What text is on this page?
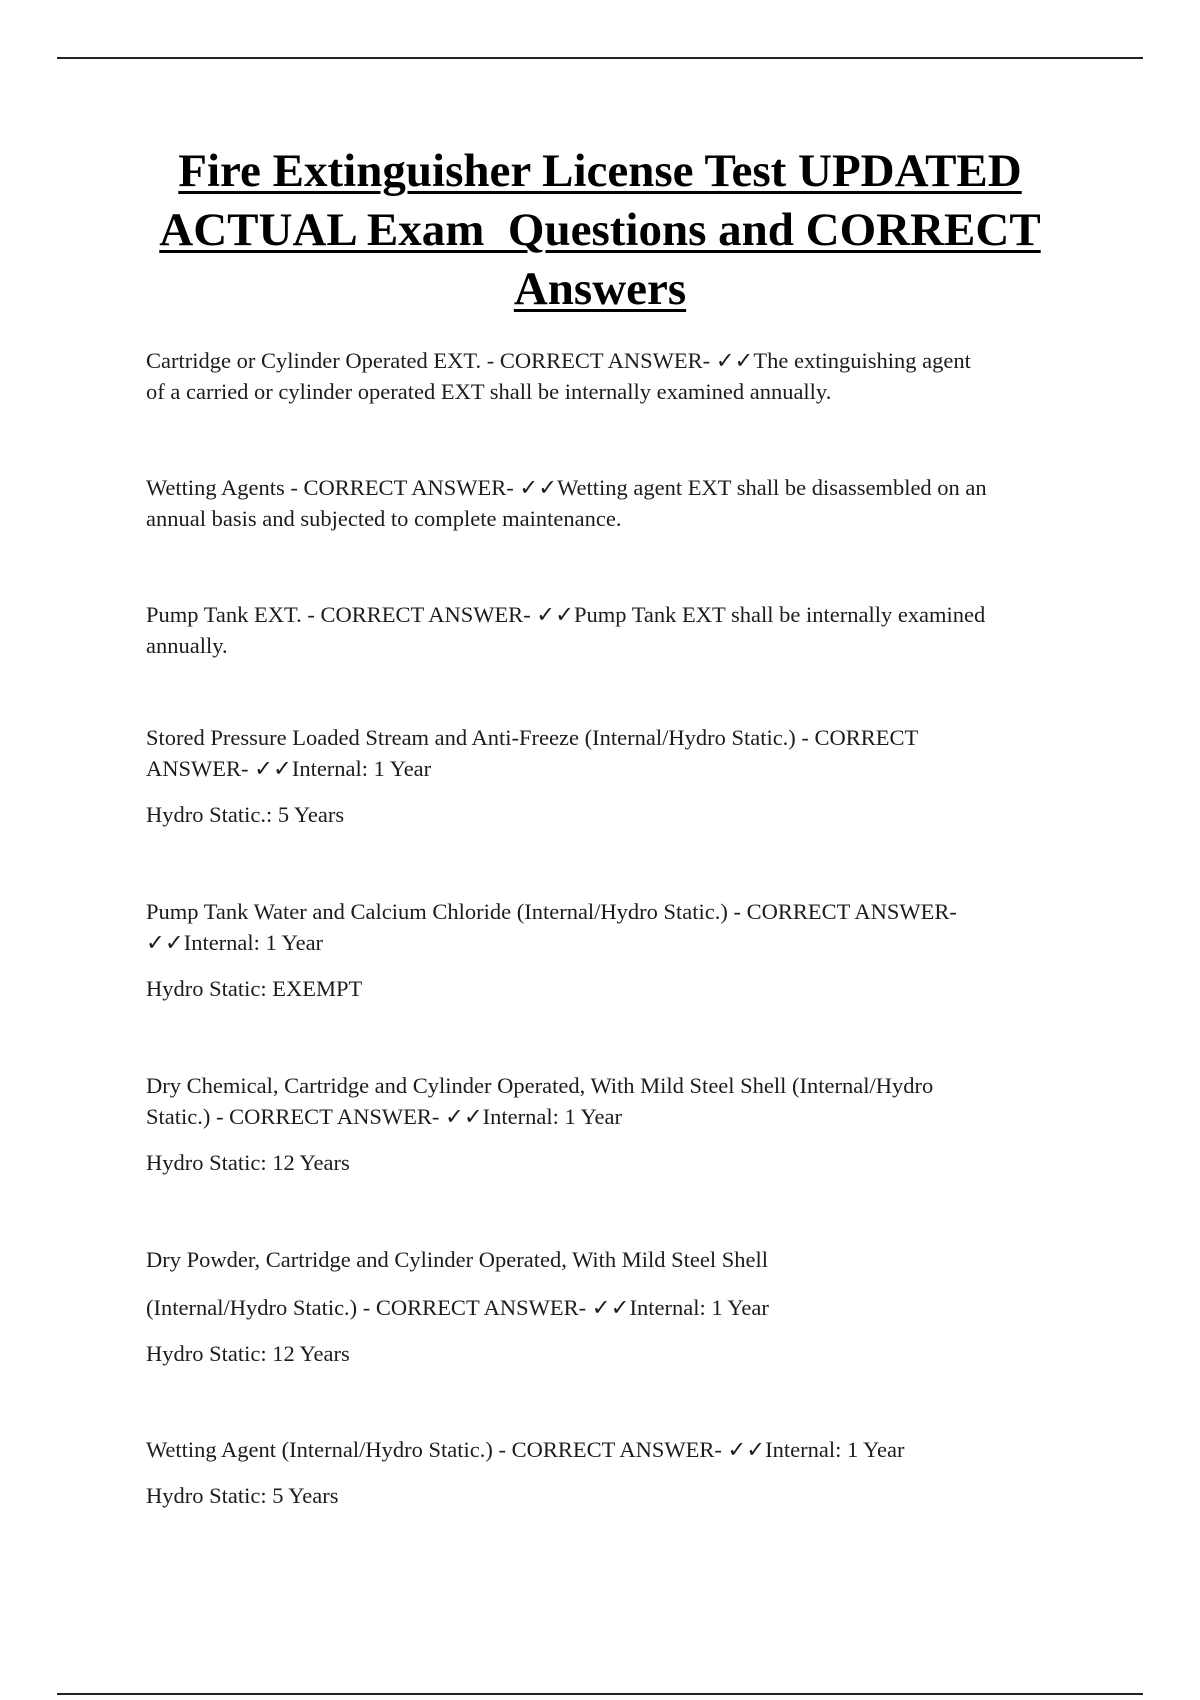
Fire Extinguisher License Test UPDATED
ACTUAL Exam  Questions and CORRECT
Answers

Cartridge or Cylinder Operated EXT. - CORRECT ANSWER- ✓✓The extinguishing agent

of a carried or cylinder operated EXT shall be internally examined annually.

Wetting Agents - CORRECT ANSWER- ✓✓Wetting agent EXT shall be disassembled on an

annual basis and subjected to complete maintenance.

Pump Tank EXT. - CORRECT ANSWER- ✓✓Pump Tank EXT shall be internally examined

annually.

Stored Pressure Loaded Stream and Anti-Freeze (Internal/Hydro Static.) - CORRECT

ANSWER- ✓✓Internal: 1 Year

Hydro Static.: 5 Years

Pump Tank Water and Calcium Chloride (Internal/Hydro Static.) - CORRECT ANSWER-

✓✓Internal: 1 Year

Hydro Static: EXEMPT

Dry Chemical, Cartridge and Cylinder Operated, With Mild Steel Shell (Internal/Hydro

Static.) - CORRECT ANSWER- ✓✓Internal: 1 Year

Hydro Static: 12 Years

Dry Powder, Cartridge and Cylinder Operated, With Mild Steel Shell

(Internal/Hydro Static.) - CORRECT ANSWER- ✓✓Internal: 1 Year

Hydro Static: 12 Years

Wetting Agent (Internal/Hydro Static.) - CORRECT ANSWER- ✓✓Internal: 1 Year

Hydro Static: 5 Years
